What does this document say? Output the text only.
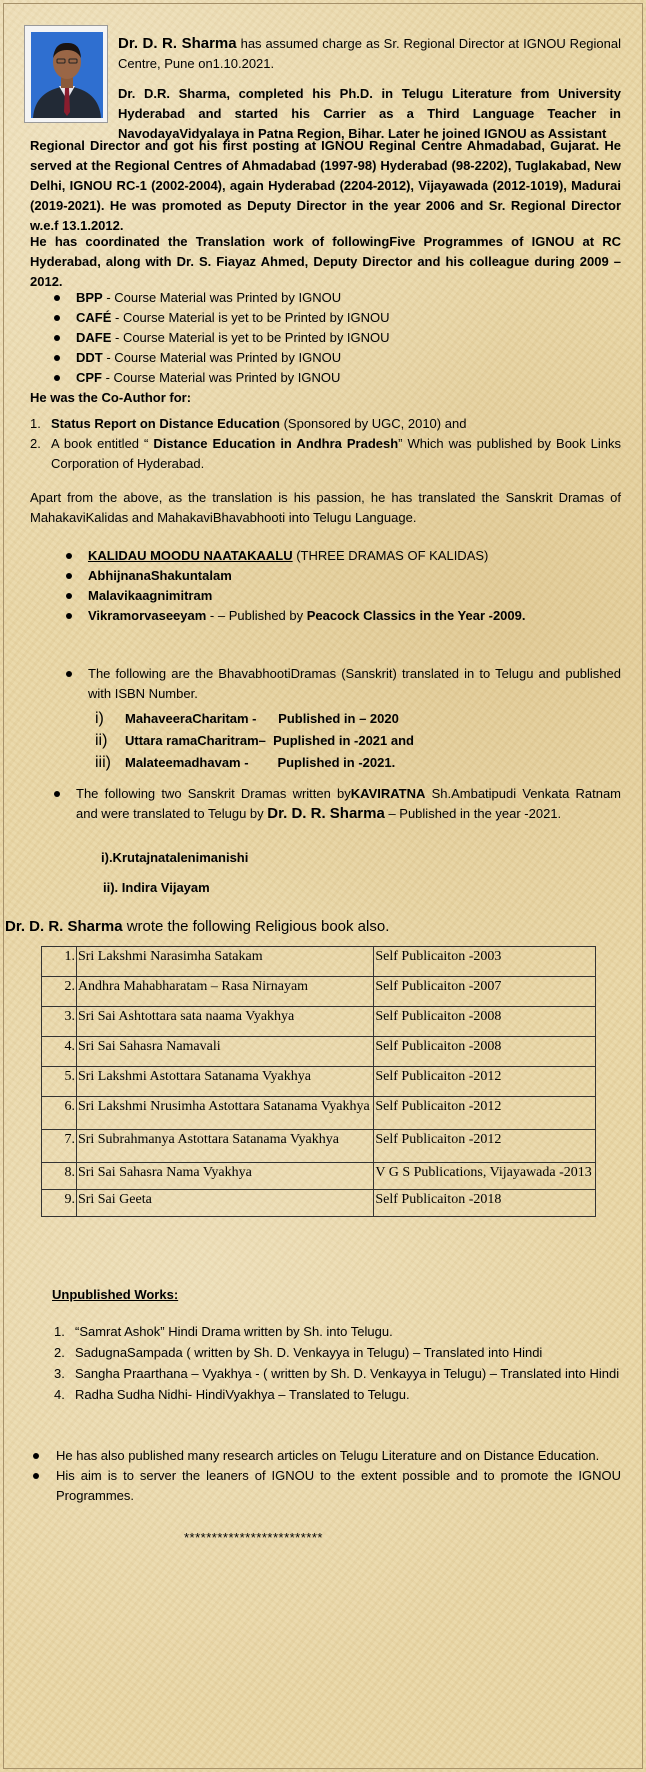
Dr. D. R. Sharma has assumed charge as Sr. Regional Director at IGNOU Regional Centre, Pune on1.10.2021.

Dr. D.R. Sharma, completed his Ph.D. in Telugu Literature from University Hyderabad and started his Carrier as a Third Language Teacher in NavodayaVidyalaya in Patna Region, Bihar. Later he joined IGNOU as Assistant

Regional Director and got his first posting at IGNOU Reginal Centre Ahmadabad, Gujarat. He served at the Regional Centres of Ahmadabad (1997-98) Hyderabad (98-2202), Tuglakabad, New Delhi, IGNOU RC-1 (2002-2004), again Hyderabad (2204-2012), Vijayawada (2012-1019), Madurai (2019-2021). He was promoted as Deputy Director in the year 2006 and Sr. Regional Director w.e.f 13.1.2012.
He has coordinated the Translation work of followingFive Programmes of IGNOU at RC Hyderabad, along with Dr. S. Fiayaz Ahmed, Deputy Director and his colleague during 2009 – 2012.
BPP - Course Material was Printed by IGNOU
CAFÉ - Course Material is yet to be Printed by IGNOU
DAFE - Course Material is yet to be Printed by IGNOU
DDT - Course Material was Printed by IGNOU
CPF - Course Material was Printed by IGNOU
He was the Co-Author for:
1. Status Report on Distance Education (Sponsored by UGC, 2010) and
2. A book entitled “ Distance Education in Andhra Pradesh” Which was published by Book Links Corporation of Hyderabad.
Apart from the above, as the translation is his passion, he has translated the Sanskrit Dramas of MahakaviKalidas and MahakaviBhavabhooti into Telugu Language.
KALIDAU MOODU NAATAKAALU (THREE DRAMAS OF KALIDAS)
AbhijnanaShakuntalam
Malavikaagnimitram
Vikramorvaseeyam - – Published by Peacock Classics in the Year -2009.
The following are the BhavabhootiDramas (Sanskrit) translated in to Telugu and published with ISBN Number.
i)	MahaveeraCharitam -      Published in – 2020
ii)	Uttara ramaCharitram–  Puplished in -2021 and
iii)	Malateemadhavam -        Puplished in -2021.
The following two Sanskrit Dramas written byKAVIRATNA Sh.Ambatipudi Venkata Ratnam and were translated to Telugu by Dr. D. R. Sharma – Published in the year -2021.
i).Krutajnatalenimanishi
ii). Indira Vijayam
Dr. D. R. Sharma wrote the following Religious book also.
1.	Sri Lakshmi Narasimha Satakam	Self Publicaiton -2003
2.	Andhra Mahabharatam – Rasa Nirnayam	Self Publicaiton -2007
3.	Sri Sai Ashtottara sata naama Vyakhya	Self Publicaiton -2008
4.	Sri Sai Sahasra Namavali	Self Publicaiton -2008
5.	Sri Lakshmi Astottara Satanama Vyakhya	Self Publicaiton -2012
6.	Sri Lakshmi Nrusimha Astottara Satanama Vyakhya	Self Publicaiton -2012
7.	Sri Subrahmanya Astottara Satanama Vyakhya	Self Publicaiton -2012
8.	Sri Sai Sahasra Nama Vyakhya	V G S Publications, Vijayawada -2013
9.	Sri Sai Geeta	Self Publicaiton -2018
Unpublished Works:
1. “Samrat Ashok” Hindi Drama written by Sh. into Telugu.
2. SadugnaSampada ( written by Sh. D. Venkayya in Telugu) – Translated into Hindi
3. Sangha Praarthana – Vyakhya - ( written by Sh. D. Venkayya in Telugu) – Translated into Hindi
4. Radha Sudha Nidhi- HindiVyakhya – Translated to Telugu.
He has also published many research articles on Telugu Literature and on Distance Education.
His aim is to server the leaners of IGNOU to the extent possible and to promote the IGNOU Programmes.
*************************
